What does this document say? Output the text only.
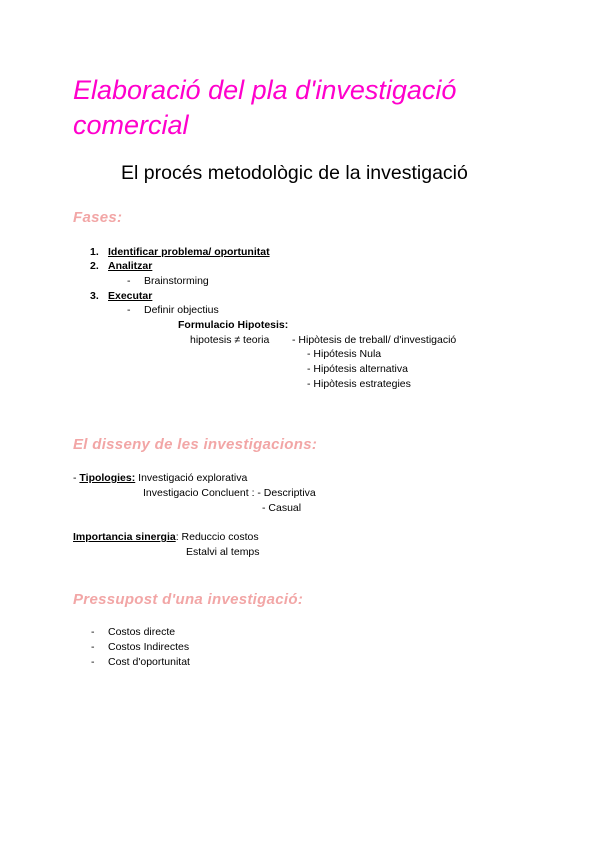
Elaboració del pla d'investigació comercial
El procés metodològic de la investigació
Fases:
1. Identificar problema/ oportunitat
2. Analitzar
- Brainstorming
3. Executar
- Definir objectius
Formulacio Hipotesis:
hipotesis ≠ teoria - Hipòtesis de treball/ d'investigació
- Hipótesis Nula
- Hipótesis alternativa
- Hipòtesis estrategies
El disseny de les investigacions:
- Tipologies: Investigació explorativa
Investigacio Concluent : - Descriptiva
- Casual
Importancia sinergia: Reduccio costos
Estalvi al temps
Pressupost d'una investigació:
- Costos directe
- Costos Indirectes
- Cost d'oportunitat
